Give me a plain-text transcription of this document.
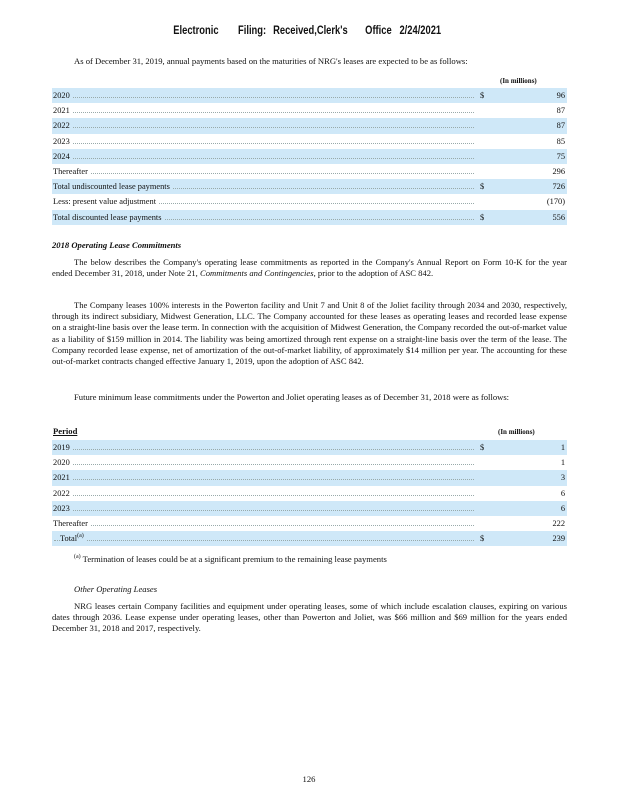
Electronic Filing: Received,Clerk's Office 2/24/2021

As of December 31, 2019, annual payments based on the maturities of NRG's leases are expected to be as follows:

(In millions)
2020	$	96
2021	87
2022	87
2023	85
2024	75
Thereafter	296
Total undiscounted lease payments	$	726
Less: present value adjustment	(170)
Total discounted lease payments	$	556
2018 Operating Lease Commitments

The below describes the Company's operating lease commitments as reported in the Company's Annual Report on Form 10-K for the year ended December 31, 2018, under Note 21, Commitments and Contingencies, prior to the adoption of ASC 842.

The Company leases 100% interests in the Powerton facility and Unit 7 and Unit 8 of the Joliet facility through 2034 and 2030, respectively, through its indirect subsidiary, Midwest Generation, LLC. The Company accounted for these leases as operating leases and recorded lease expense on a straight-line basis over the lease term. In connection with the acquisition of Midwest Generation, the Company recorded the out-of-market value as a liability of $159 million in 2014. The liability was being amortized through rent expense on a straight-line basis over the term of the lease. The Company recorded lease expense, net of amortization of the out-of-market liability, of approximately $14 million per year. The accounting for these out-of-market contracts changed effective January 1, 2019, upon the adoption of ASC 842.

Future minimum lease commitments under the Powerton and Joliet operating leases as of December 31, 2018 were as follows:

Period	(In millions)
2019	$	1
2020	1
2021	3
2022	6
2023	6
Thereafter	222
Total$^{(a)}$	$	239
$^{(a)}$ Termination of leases could be at a significant premium to the remaining lease payments
Other Operating Leases

NRG leases certain Company facilities and equipment under operating leases, some of which include escalation clauses, expiring on various dates through 2036. Lease expense under operating leases, other than Powerton and Joliet, was $66 million and $69 million for the years ended December 31, 2018 and 2017, respectively.

126
